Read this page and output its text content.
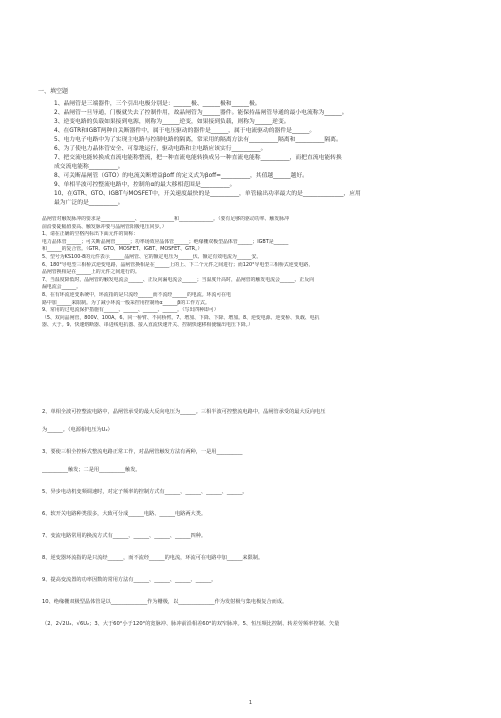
一、填空题

1、晶闸管是三端器件，三个引出电极分别是：______极、______极和______极。

2、晶闸管一旦导通，门极就失去了控制作用，故晶闸管为______器件。能保持晶闸管导通的最小电流称为______。

3、逆变电路的负载如果接到电源，则称为______逆变，如果接到负载，则称为______逆变。

4、在GTR和IGBT两种自关断器件中，属于电压驱动的器件是______，属于电流驱动的器件是______。

5、电力电子电路中为了实现主电路与控制电路的隔离，常采用的隔离方法有__________隔离和__________隔离。

6、为了使电力晶体管安全、可靠地运行，驱动电路和主电路应该实行__________。

7、把交流电能转换成直流电能称整流，把一种直流电能转换成另一种直流电能称__________，而把直流电能转换

成交流电能称__________。

8、可关断晶闸管（GTO）的电流关断增益βoff 的定义式为βoff=__________，其值越______越好。

9、单相半波可控整流电路中，控制角α的最大移相范围是__________。

10、在GTR、GTO、IGBT与MOSFET中，开关速度最快的是__________，单管输出功率最大的是______________，应用

最为广泛的是__________。

晶闸管对触发脉冲的要求是______________、______________和______________。（要有足够的驱动功率、触发脉冲

前沿要陡幅值要高、触发脉冲要与晶闸管阳极电压同步。）

1、请在正确的空格内标出下面元件的简称：

电力晶体管______；可关断晶闸管______；功率场效应晶体管______；绝缘栅双极型晶体管______；IGBT是______

和______的复合管。（GTR、GTO、MOSFET、IGBT、MOSFET、GTR。）

5、型号为KS100-8的元件表示______晶闸管、它的额定电压为______伏、额定有效电流为______安。

6、180°导电型三相桥式逆变电路，晶闸管换相是在______上的上、下二个元件之间进行；而120°导电型三相桥式逆变电路，

晶闸管换相是在______上的元件之间进行的。

7、当温度降低时，晶闸管的触发电流会______、正反向漏电流会______；当温度升高时，晶闸管的触发电流会______、正反向

漏电流会______。

8、在有环流逆变系统中，环流指的是只流经______而不流经______的电流。环流可在电

路中加______来限制。为了减小环流一般采控用控制角α______β的工作方式。

9、常用的过电流保护措施有______、______、______、______。（写出四种即可）

（5、双向晶闸管，800V、100A。6、同一桥臂、不同桥臂。7、增加、下降、下降、增加。8、逆变电源、逆变桥、负载、电抗

器、大于。9、快速熔断器、串进线电抗器、接入直流快速开关、控制快速移相使输出电压下降。）

2、单相全波可控整流电路中，晶闸管承受的最大反向电压为______。三相半波可控整流电路中，晶闸管承受的最大反向电压

为______。（电源相电压为U₂）

3、要使三相全控桥式整流电路正常工作，对晶闸管触发方法有两种，一是用__________

__________触发；二是用__________触发。

5、异步电动机变频调速时，对定子频率的控制方式有______、______、______、______。

6、软开关电路种类很多，大致可分成______电路、______电路两大类。

7、变流电路常用的换流方式有______、______、______、______四种。

8、逆变器环流指的是只流经______，而不流经______的电流，环流可在电路中加______来限制。

9、提高变流置的功率因数的常用方法有______、______、______、______。

10、绝缘栅双极型晶体管是以______________作为栅极，以______________作为发射极与集电极复合而成。

（2、2√2U₂、√6U₂；3、大于60°小于120°的宽脉冲、脉冲前沿相差60°的双窄脉冲。5、恒压频比控制、转差劳频率控制、矢量

1
